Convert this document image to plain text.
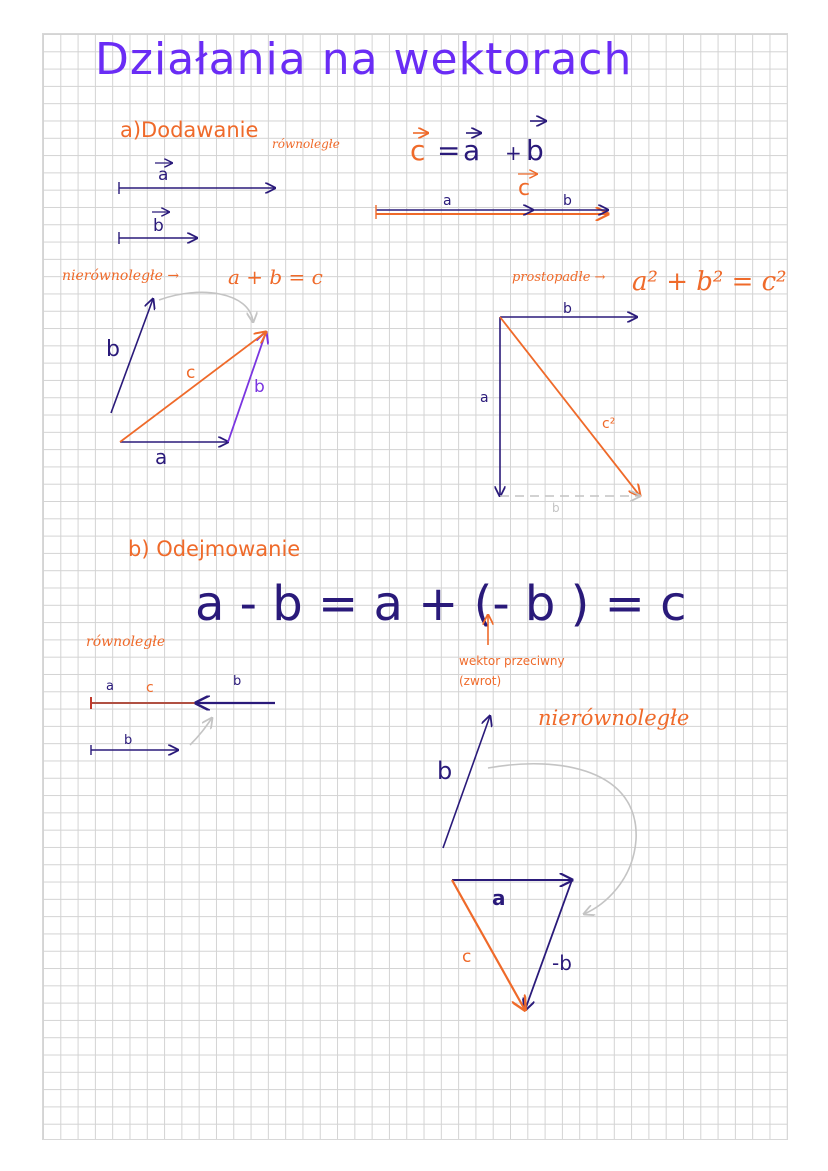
Działania na wektorach
a)Dodawanie
równoległe
nierównoległe →	prostopadłe →
b) Odejmowanie
równoległe
nierównoległe
wektor przeciwny
(zwrot)
c = a + b
a
b
c
a	b
a + b = c
b
a
b
c
a² + b² = c²
b
a
c²
b
a - b = a + (- b ) = c
a c	b
b
b
a
-b
c
